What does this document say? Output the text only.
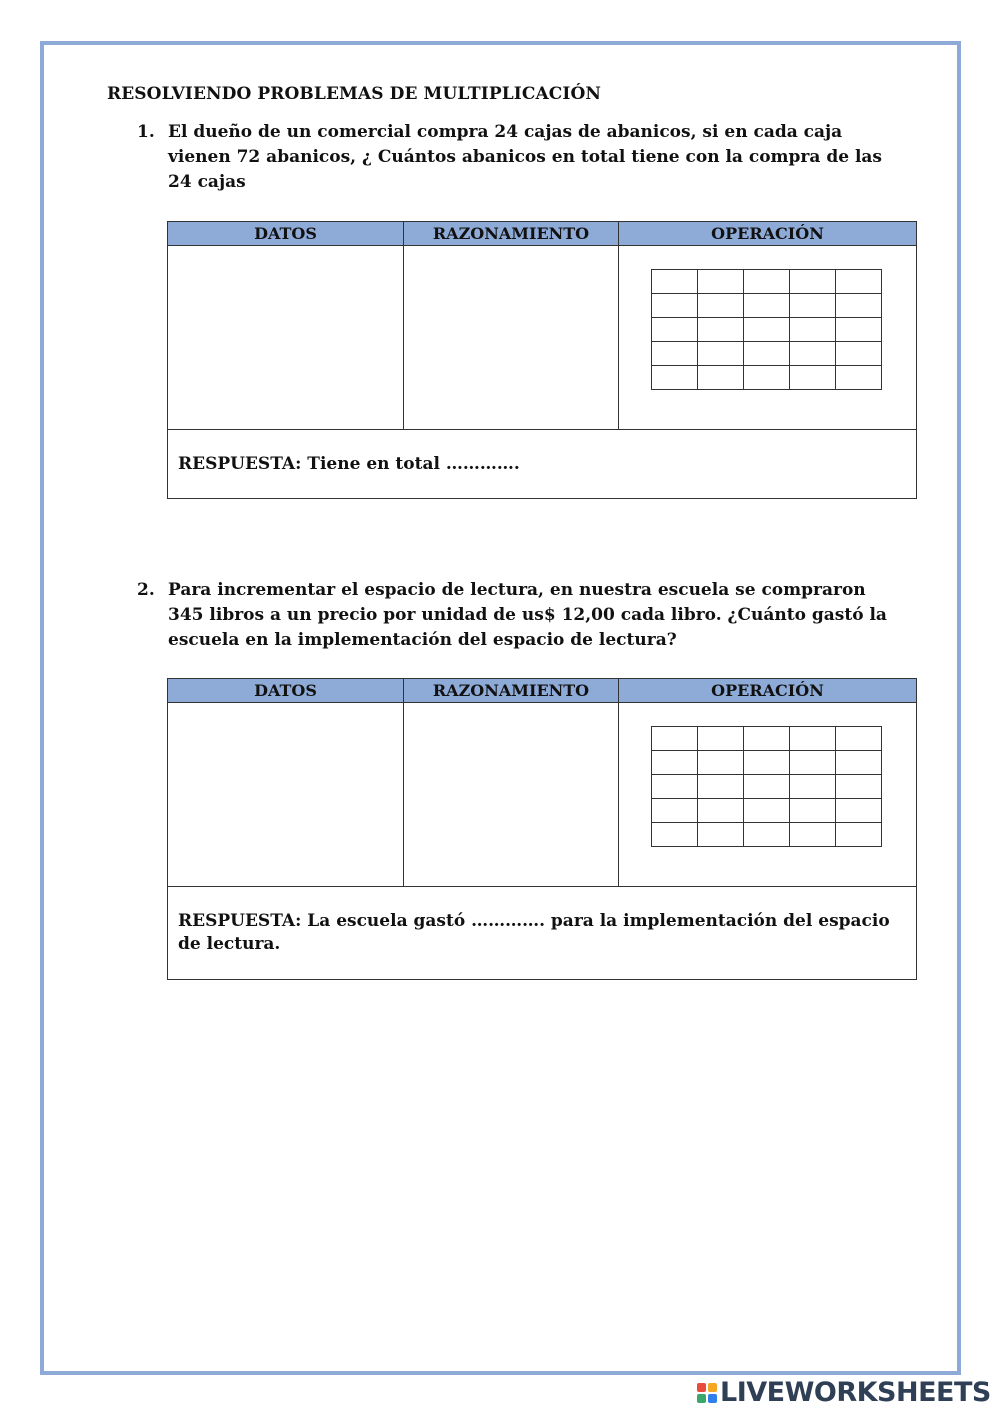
RESOLVIENDO PROBLEMAS DE MULTIPLICACIÓN
1. El dueño de un comercial compra 24 cajas de abanicos, si en cada caja vienen 72 abanicos, ¿ Cuántos abanicos en total tiene con la compra de las 24 cajas
DATOS	RAZONAMIENTO	OPERACIÓN

RESPUESTA: Tiene en total ………….
2. Para incrementar el espacio de lectura, en nuestra escuela se compraron 345 libros a un precio por unidad de us$ 12,00 cada libro. ¿Cuánto gastó la escuela en la implementación del espacio de lectura?
DATOS	RAZONAMIENTO	OPERACIÓN

RESPUESTA: La escuela gastó …………. para la implementación del espacio de lectura.
LIVEWORKSHEETS
